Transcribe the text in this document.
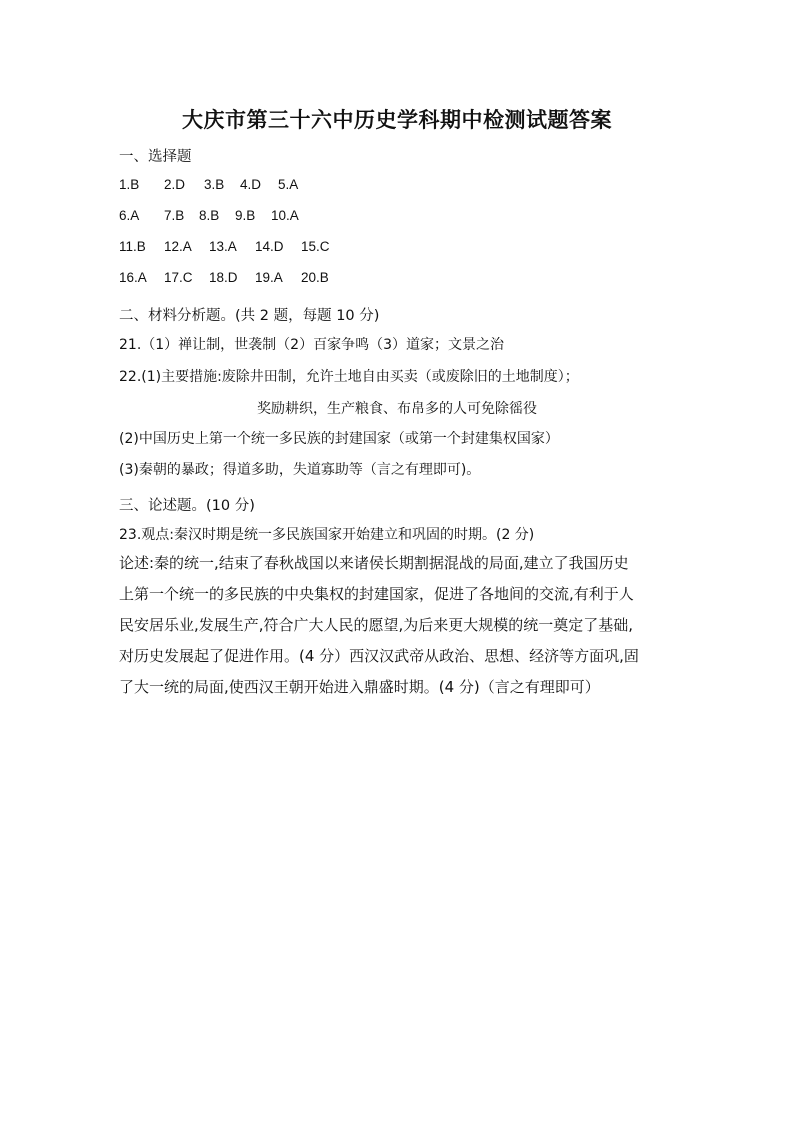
大庆市第三十六中历史学科期中检测试题答案
一、选择题
1.B 2.D 3.B 4.D 5.A
6.A 7.B 8.B 9.B 10.A
11.B 12.A 13.A 14.D 15.C
16.A 17.C 18.D 19.A 20.B
二、材料分析题。(共 2 题，每题 10 分)
21.（1）禅让制，世袭制（2）百家争鸣（3）道家；文景之治
22.(1)主要措施:废除井田制，允许土地自由买卖（或废除旧的土地制度）；
奖励耕织，生产粮食、布帛多的人可免除徭役
(2)中国历史上第一个统一多民族的封建国家（或第一个封建集权国家）
(3)秦朝的暴政；得道多助，失道寡助等（言之有理即可)。
三、论述题。(10 分)
23.观点:秦汉时期是统一多民族国家开始建立和巩固的时期。(2 分)
论述:秦的统一,结束了春秋战国以来诸侯长期割据混战的局面,建立了我国历史
上第一个统一的多民族的中央集权的封建国家，促进了各地间的交流,有利于人
民安居乐业,发展生产,符合广大人民的愿望,为后来更大规模的统一奠定了基础,
对历史发展起了促进作用。(4 分）西汉汉武帝从政治、思想、经济等方面巩,固
了大一统的局面,使西汉王朝开始进入鼎盛时期。(4 分)（言之有理即可）
